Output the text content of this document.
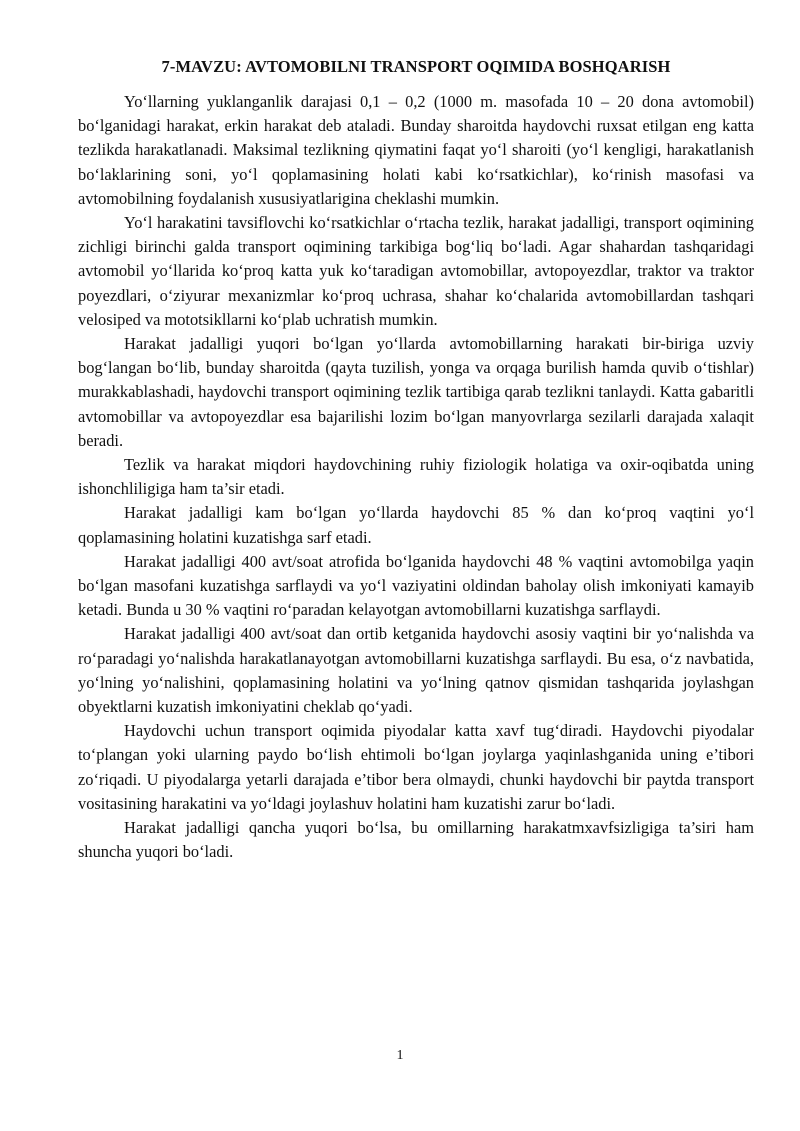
7-MAVZU: AVTOMOBILNI TRANSPORT OQIMIDA BOSHQARISH

Yo‘llarning yuklanganlik darajasi 0,1 – 0,2 (1000 m. masofada 10 – 20 dona avtomobil) bo‘lganidagi harakat, erkin harakat deb ataladi. Bunday sharoitda haydovchi ruxsat etilgan eng katta tezlikda harakatlanadi. Maksimal tezlikning qiymatini faqat yo‘l sharoiti (yo‘l kengligi, harakatlanish bo‘laklarining soni, yo‘l qoplamasining holati kabi ko‘rsatkichlar), ko‘rinish masofasi va avtomobilning foydalanish xususiyatlarigina cheklashi mumkin.

Yo‘l harakatini tavsiflovchi ko‘rsatkichlar o‘rtacha tezlik, harakat jadalligi, transport oqimining zichligi birinchi galda transport oqimining tarkibiga bog‘liq bo‘ladi. Agar shahardan tashqaridagi avtomobil yo‘llarida ko‘proq katta yuk ko‘taradigan avtomobillar, avtopoyezdlar, traktor va traktor poyezdlari, o‘ziyurar mexanizmlar ko‘proq uchrasa, shahar ko‘chalarida avtomobillardan tashqari velosiped va mototsikllarni ko‘plab uchratish mumkin.

Harakat jadalligi yuqori bo‘lgan yo‘llarda avtomobillarning harakati bir-biriga uzviy bog‘langan bo‘lib, bunday sharoitda (qayta tuzilish, yonga va orqaga burilish hamda quvib o‘tishlar) murakkablashadi, haydovchi transport oqimining tezlik tartibiga qarab tezlikni tanlaydi. Katta gabaritli avtomobillar va avtopoyezdlar esa bajarilishi lozim bo‘lgan manyovrlarga sezilarli darajada xalaqit beradi.

Tezlik va harakat miqdori haydovchining ruhiy fiziologik holatiga va oxir-oqibatda uning ishonchliligiga ham ta’sir etadi.

Harakat jadalligi kam bo‘lgan yo‘llarda haydovchi 85 % dan ko‘proq vaqtini yo‘l qoplamasining holatini kuzatishga sarf etadi.

Harakat jadalligi 400 avt/soat atrofida bo‘lganida haydovchi 48 % vaqtini avtomobilga yaqin bo‘lgan masofani kuzatishga sarflaydi va yo‘l vaziyatini oldindan baholay olish imkoniyati kamayib ketadi. Bunda u 30 % vaqtini ro‘paradan kelayotgan avtomobillarni kuzatishga sarflaydi.

Harakat jadalligi 400 avt/soat dan ortib ketganida haydovchi asosiy vaqtini bir yo‘nalishda va ro‘paradagi yo‘nalishda harakatlanayotgan avtomobillarni kuzatishga sarflaydi. Bu esa, o‘z navbatida, yo‘lning yo‘nalishini, qoplamasining holatini va yo‘lning qatnov qismidan tashqarida joylashgan obyektlarni kuzatish imkoniyatini cheklab qo‘yadi.

Haydovchi uchun transport oqimida piyodalar katta xavf tug‘diradi. Haydovchi piyodalar to‘plangan yoki ularning paydo bo‘lish ehtimoli bo‘lgan joylarga yaqinlashganida uning e’tibori zo‘riqadi. U piyodalarga yetarli darajada e’tibor bera olmaydi, chunki haydovchi bir paytda transport vositasining harakatini va yo‘ldagi joylashuv holatini ham kuzatishi zarur bo‘ladi.

Harakat jadalligi qancha yuqori bo‘lsa, bu omillarning harakatmxavfsizligiga ta’siri ham shuncha yuqori bo‘ladi.

1
